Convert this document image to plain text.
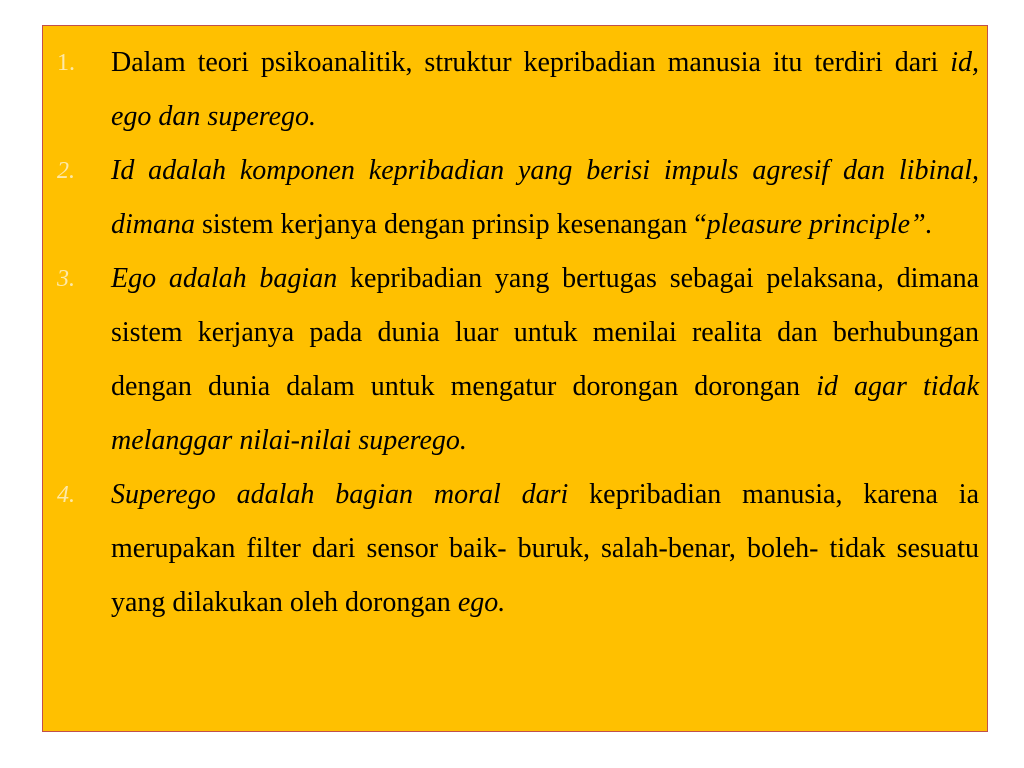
1. Dalam teori psikoanalitik, struktur kepribadian manusia itu terdiri dari id, ego dan superego.
2. Id adalah komponen kepribadian yang berisi impuls agresif dan libinal, dimana sistem kerjanya dengan prinsip kesenangan “pleasure principle”.
3. Ego adalah bagian kepribadian yang bertugas sebagai pelaksana, dimana sistem kerjanya pada dunia luar untuk menilai realita dan berhubungan dengan dunia dalam untuk mengatur dorongan dorongan id agar tidak melanggar nilai-nilai superego.
4. Superego adalah bagian moral dari kepribadian manusia, karena ia merupakan filter dari sensor baik- buruk, salah-benar, boleh- tidak sesuatu yang dilakukan oleh dorongan ego.
